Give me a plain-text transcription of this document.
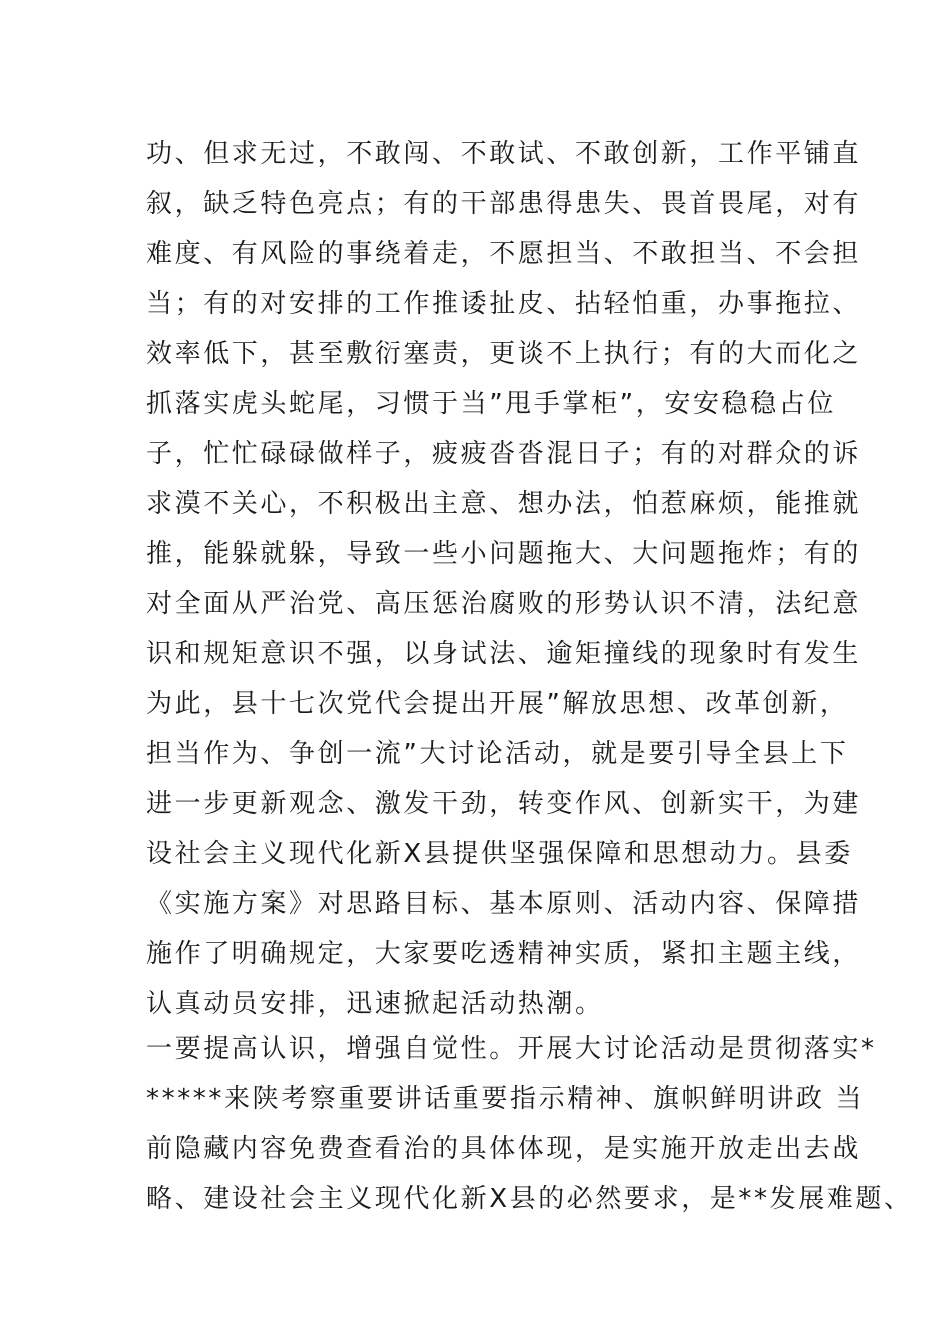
功、但求无过，不敢闯、不敢试、不敢创新，工作平铺直
叙，缺乏特色亮点；有的干部患得患失、畏首畏尾，对有
难度、有风险的事绕着走，不愿担当、不敢担当、不会担
当；有的对安排的工作推诿扯皮、拈轻怕重，办事拖拉、
效率低下，甚至敷衍塞责，更谈不上执行；有的大而化之
抓落实虎头蛇尾，习惯于当”甩手掌柜”，安安稳稳占位
子，忙忙碌碌做样子，疲疲沓沓混日子；有的对群众的诉
求漠不关心，不积极出主意、想办法，怕惹麻烦，能推就
推，能躲就躲，导致一些小问题拖大、大问题拖炸；有的
对全面从严治党、高压惩治腐败的形势认识不清，法纪意
识和规矩意识不强，以身试法、逾矩撞线的现象时有发生
为此，县十七次党代会提出开展”解放思想、改革创新，
担当作为、争创一流”大讨论活动，就是要引导全县上下
进一步更新观念、激发干劲，转变作风、创新实干，为建
设社会主义现代化新X县提供坚强保障和思想动力。县委
《实施方案》对思路目标、基本原则、活动内容、保障措
施作了明确规定，大家要吃透精神实质，紧扣主题主线，
认真动员安排，迅速掀起活动热潮。
一要提高认识，增强自觉性。开展大讨论活动是贯彻落实*
*****来陕考察重要讲话重要指示精神、旗帜鲜明讲政 当
前隐藏内容免费查看治的具体体现，是实施开放走出去战
略、建设社会主义现代化新X县的必然要求，是**发展难题、
